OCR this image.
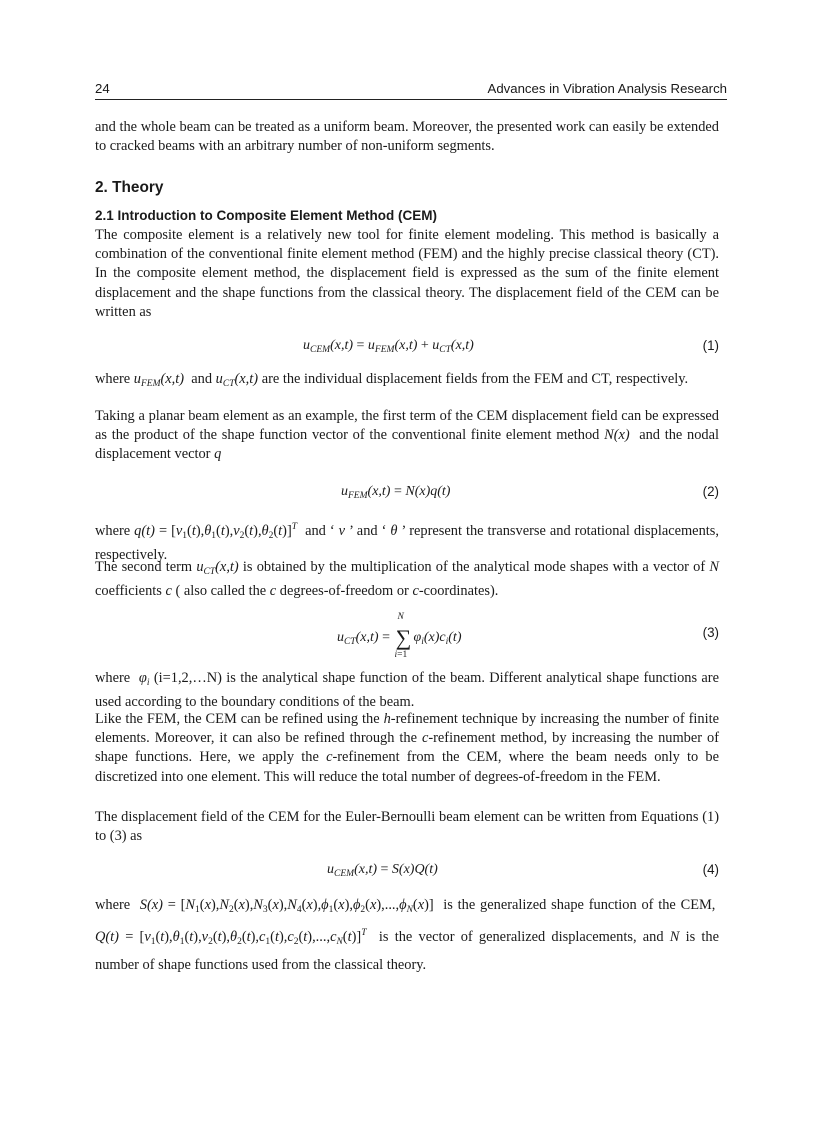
24	Advances in Vibration Analysis Research
and the whole beam can be treated as a uniform beam. Moreover, the presented work can easily be extended to cracked beams with an arbitrary number of non-uniform segments.
2. Theory
2.1 Introduction to Composite Element Method (CEM)
The composite element is a relatively new tool for finite element modeling. This method is basically a combination of the conventional finite element method (FEM) and the highly precise classical theory (CT). In the composite element method, the displacement field is expressed as the sum of the finite element displacement and the shape functions from the classical theory. The displacement field of the CEM can be written as
$u_{CEM}(x,t) = u_{FEM}(x,t) + u_{CT}(x,t)$	(1)
where $u_{FEM}(x,t)$ and $u_{CT}(x,t)$ are the individual displacement fields from the FEM and CT, respectively.
Taking a planar beam element as an example, the first term of the CEM displacement field can be expressed as the product of the shape function vector of the conventional finite element method N(x) and the nodal displacement vector q
$u_{FEM}(x,t) = N(x)q(t)$	(2)
where $q(t) = [v_1(t),\theta_1(t),v_2(t),\theta_2(t)]^T$ and ‘ v ’ and ‘ θ ’ represent the transverse and rotational displacements, respectively.
The second term $u_{CT}(x,t)$ is obtained by the multiplication of the analytical mode shapes with a vector of N coefficients c ( also called the c degrees-of-freedom or c-coordinates).
$u_{CT}(x,t)$ = ∑
N
i=1
$\varphi_i(x)c_i(t)$	(3)
where $\varphi_i$ (i=1,2,…N) is the analytical shape function of the beam. Different analytical shape functions are used according to the boundary conditions of the beam.
Like the FEM, the CEM can be refined using the h-refinement technique by increasing the number of finite elements. Moreover, it can also be refined through the c-refinement method, by increasing the number of shape functions. Here, we apply the c-refinement from the CEM, where the beam needs only to be discretized into one element. This will reduce the total number of degrees-of-freedom in the FEM.
The displacement field of the CEM for the Euler-Bernoulli beam element can be written from Equations (1) to (3) as
$u_{CEM}(x,t) = S(x)Q(t)$	(4)
where $S(x) = [N_1(x),N_2(x),N_3(x),N_4(x),\phi_1(x),\phi_2(x),...,\phi_N(x)]$  is the generalized shape function of the CEM,  $Q(t) = [v_1(t),\theta_1(t),v_2(t),\theta_2(t),c_1(t),c_2(t),...,c_N(t)]^T$ is the vector of generalized displacements, and N is the number of shape functions used from the classical theory.
